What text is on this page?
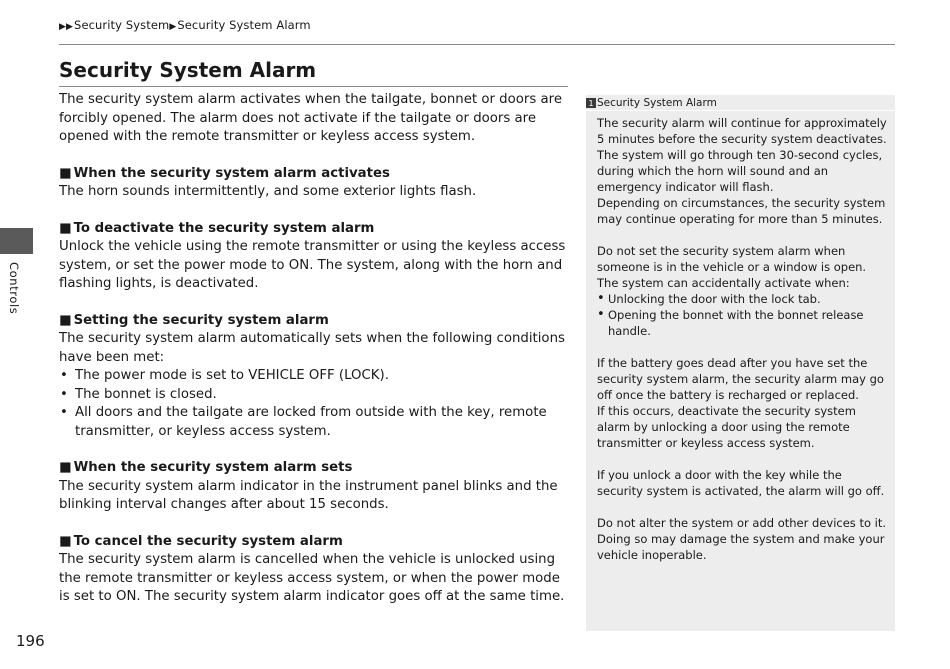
▶▶Security System▶Security System Alarm
Security System Alarm

The security system alarm activates when the tailgate, bonnet or doors are forcibly opened. The alarm does not activate if the tailgate or doors are opened with the remote transmitter or keyless access system.

■ When the security system alarm activates

The horn sounds intermittently, and some exterior lights flash.

■ To deactivate the security system alarm

Unlock the vehicle using the remote transmitter or using the keyless access system, or set the power mode to ON. The system, along with the horn and flashing lights, is deactivated.

■ Setting the security system alarm

The security system alarm automatically sets when the following conditions have been met:

• The power mode is set to VEHICLE OFF (LOCK).
• The bonnet is closed.
• All doors and the tailgate are locked from outside with the key, remote transmitter, or keyless access system.
■ When the security system alarm sets

The security system alarm indicator in the instrument panel blinks and the blinking interval changes after about 15 seconds.

■ To cancel the security system alarm

The security system alarm is cancelled when the vehicle is unlocked using the remote transmitter or keyless access system, or when the power mode is set to ON. The security system alarm indicator goes off at the same time.

Controls
196
1 Security System Alarm

The security alarm will continue for approximately 5 minutes before the security system deactivates.

The system will go through ten 30-second cycles, during which the horn will sound and an emergency indicator will flash.

Depending on circumstances, the security system may continue operating for more than 5 minutes.

Do not set the security system alarm when someone is in the vehicle or a window is open. The system can accidentally activate when:

• Unlocking the door with the lock tab.
• Opening the bonnet with the bonnet release handle.

If the battery goes dead after you have set the security system alarm, the security alarm may go off once the battery is recharged or replaced.

If this occurs, deactivate the security system alarm by unlocking a door using the remote transmitter or keyless access system.

If you unlock a door with the key while the security system is activated, the alarm will go off.

Do not alter the system or add other devices to it. Doing so may damage the system and make your vehicle inoperable.
